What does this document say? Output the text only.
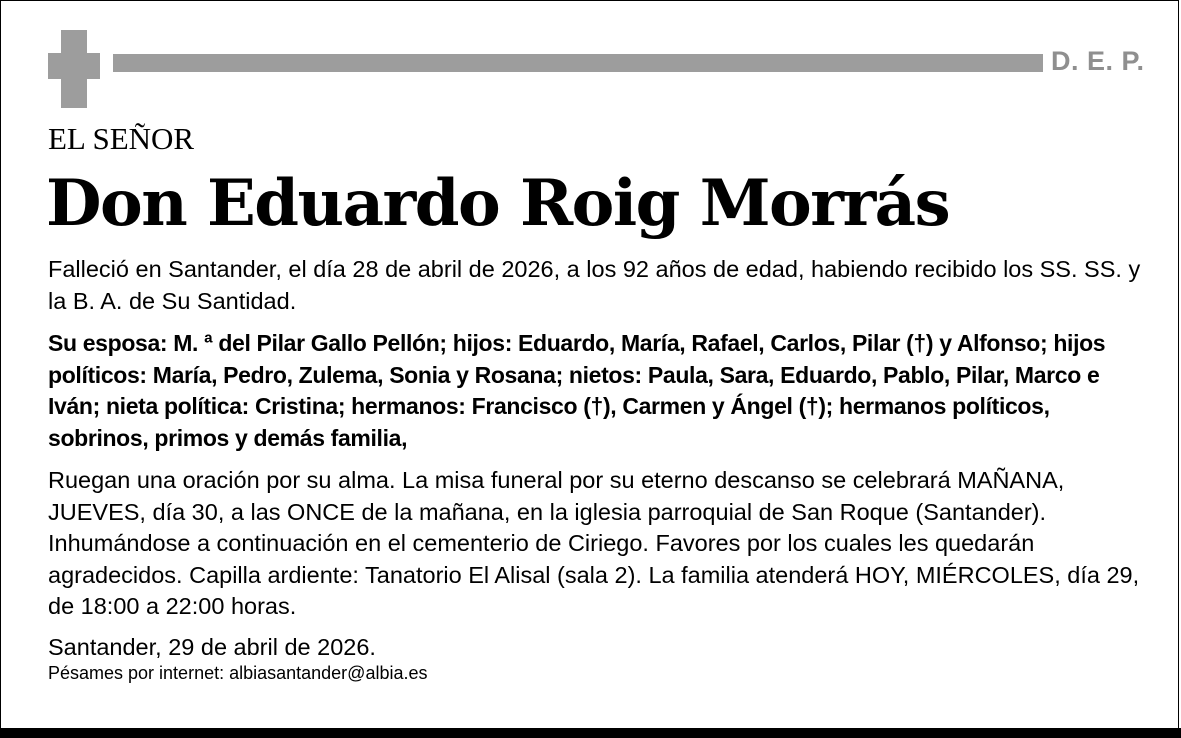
D. E. P.
EL SEÑOR
Don Eduardo Roig Morrás

Falleció en Santander, el día 28 de abril de 2026, a los 92 años de edad, habiendo recibido los SS. SS. y la B. A. de Su Santidad.

Su esposa: M. ª del Pilar Gallo Pellón; hijos: Eduardo, María, Rafael, Carlos, Pilar (†) y Alfonso; hijos políticos: María, Pedro, Zulema, Sonia y Rosana; nietos: Paula, Sara, Eduardo, Pablo, Pilar, Marco e Iván; nieta política: Cristina; hermanos: Francisco (†), Carmen y Ángel (†); hermanos políticos, sobrinos, primos y demás familia,

Ruegan una oración por su alma. La misa funeral por su eterno descanso se celebrará MAÑANA, JUEVES, día 30, a las ONCE de la mañana, en la iglesia parroquial de San Roque (Santander). Inhumándose a continuación en el cementerio de Ciriego. Favores por los cuales les quedarán agradecidos. Capilla ardiente: Tanatorio El Alisal (sala 2). La familia atenderá HOY, MIÉRCOLES, día 29, de 18:00 a 22:00 horas.

Santander, 29 de abril de 2026.

Pésames por internet: albiasantander@albia.es
